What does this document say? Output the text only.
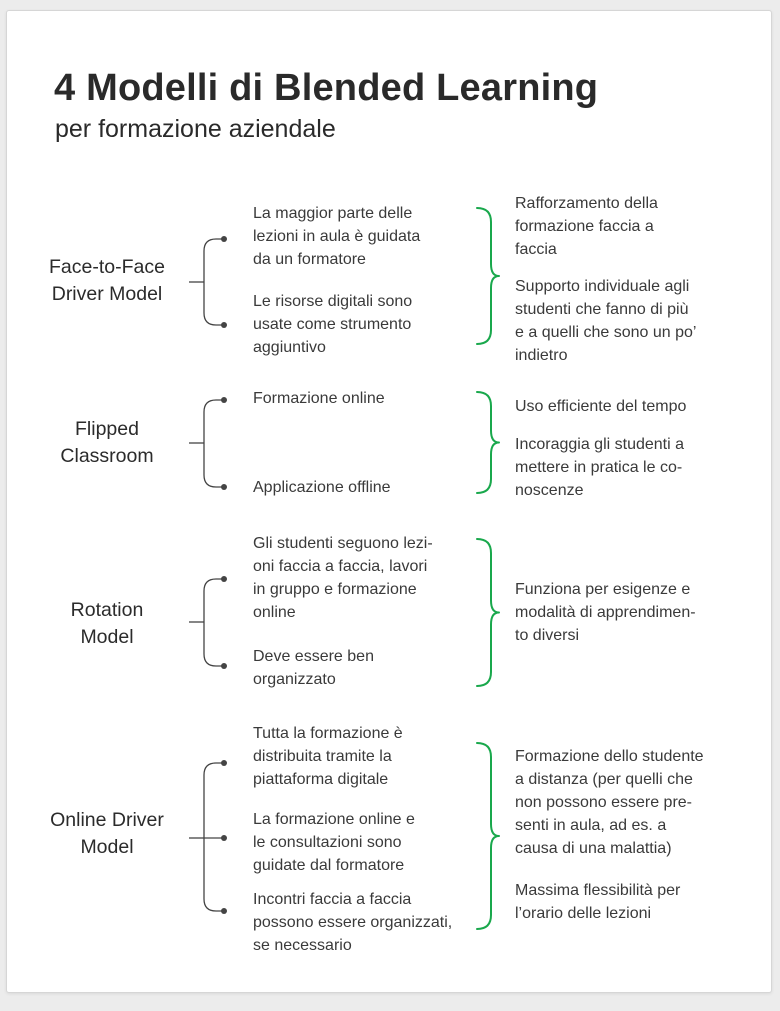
4 Modelli di Blended Learning
per formazione aziendale
Face-to-Face
Driver Model
La maggior parte delle
lezioni in aula è guidata
da un formatore
Le risorse digitali sono
usate come strumento
aggiuntivo
Rafforzamento della
formazione faccia a
faccia
Supporto individuale agli
studenti che fanno di più
e a quelli che sono un po’
indietro
Flipped
Classroom
Formazione online
Applicazione offline
Uso efficiente del tempo
Incoraggia gli studenti a
mettere in pratica le co-
noscenze
Rotation
Model
Gli studenti seguono lezi-
oni faccia a faccia, lavori
in gruppo e formazione
online
Deve essere ben
organizzato
Funziona per esigenze e
modalità di apprendimen-
to diversi
Online Driver
Model
Tutta la formazione è
distribuita tramite la
piattaforma digitale
La formazione online e
le consultazioni sono
guidate dal formatore
Incontri faccia a faccia
possono essere organizzati,
se necessario
Formazione dello studente
a distanza (per quelli che
non possono essere pre-
senti in aula, ad es. a
causa di una malattia)
Massima flessibilità per
l’orario delle lezioni
